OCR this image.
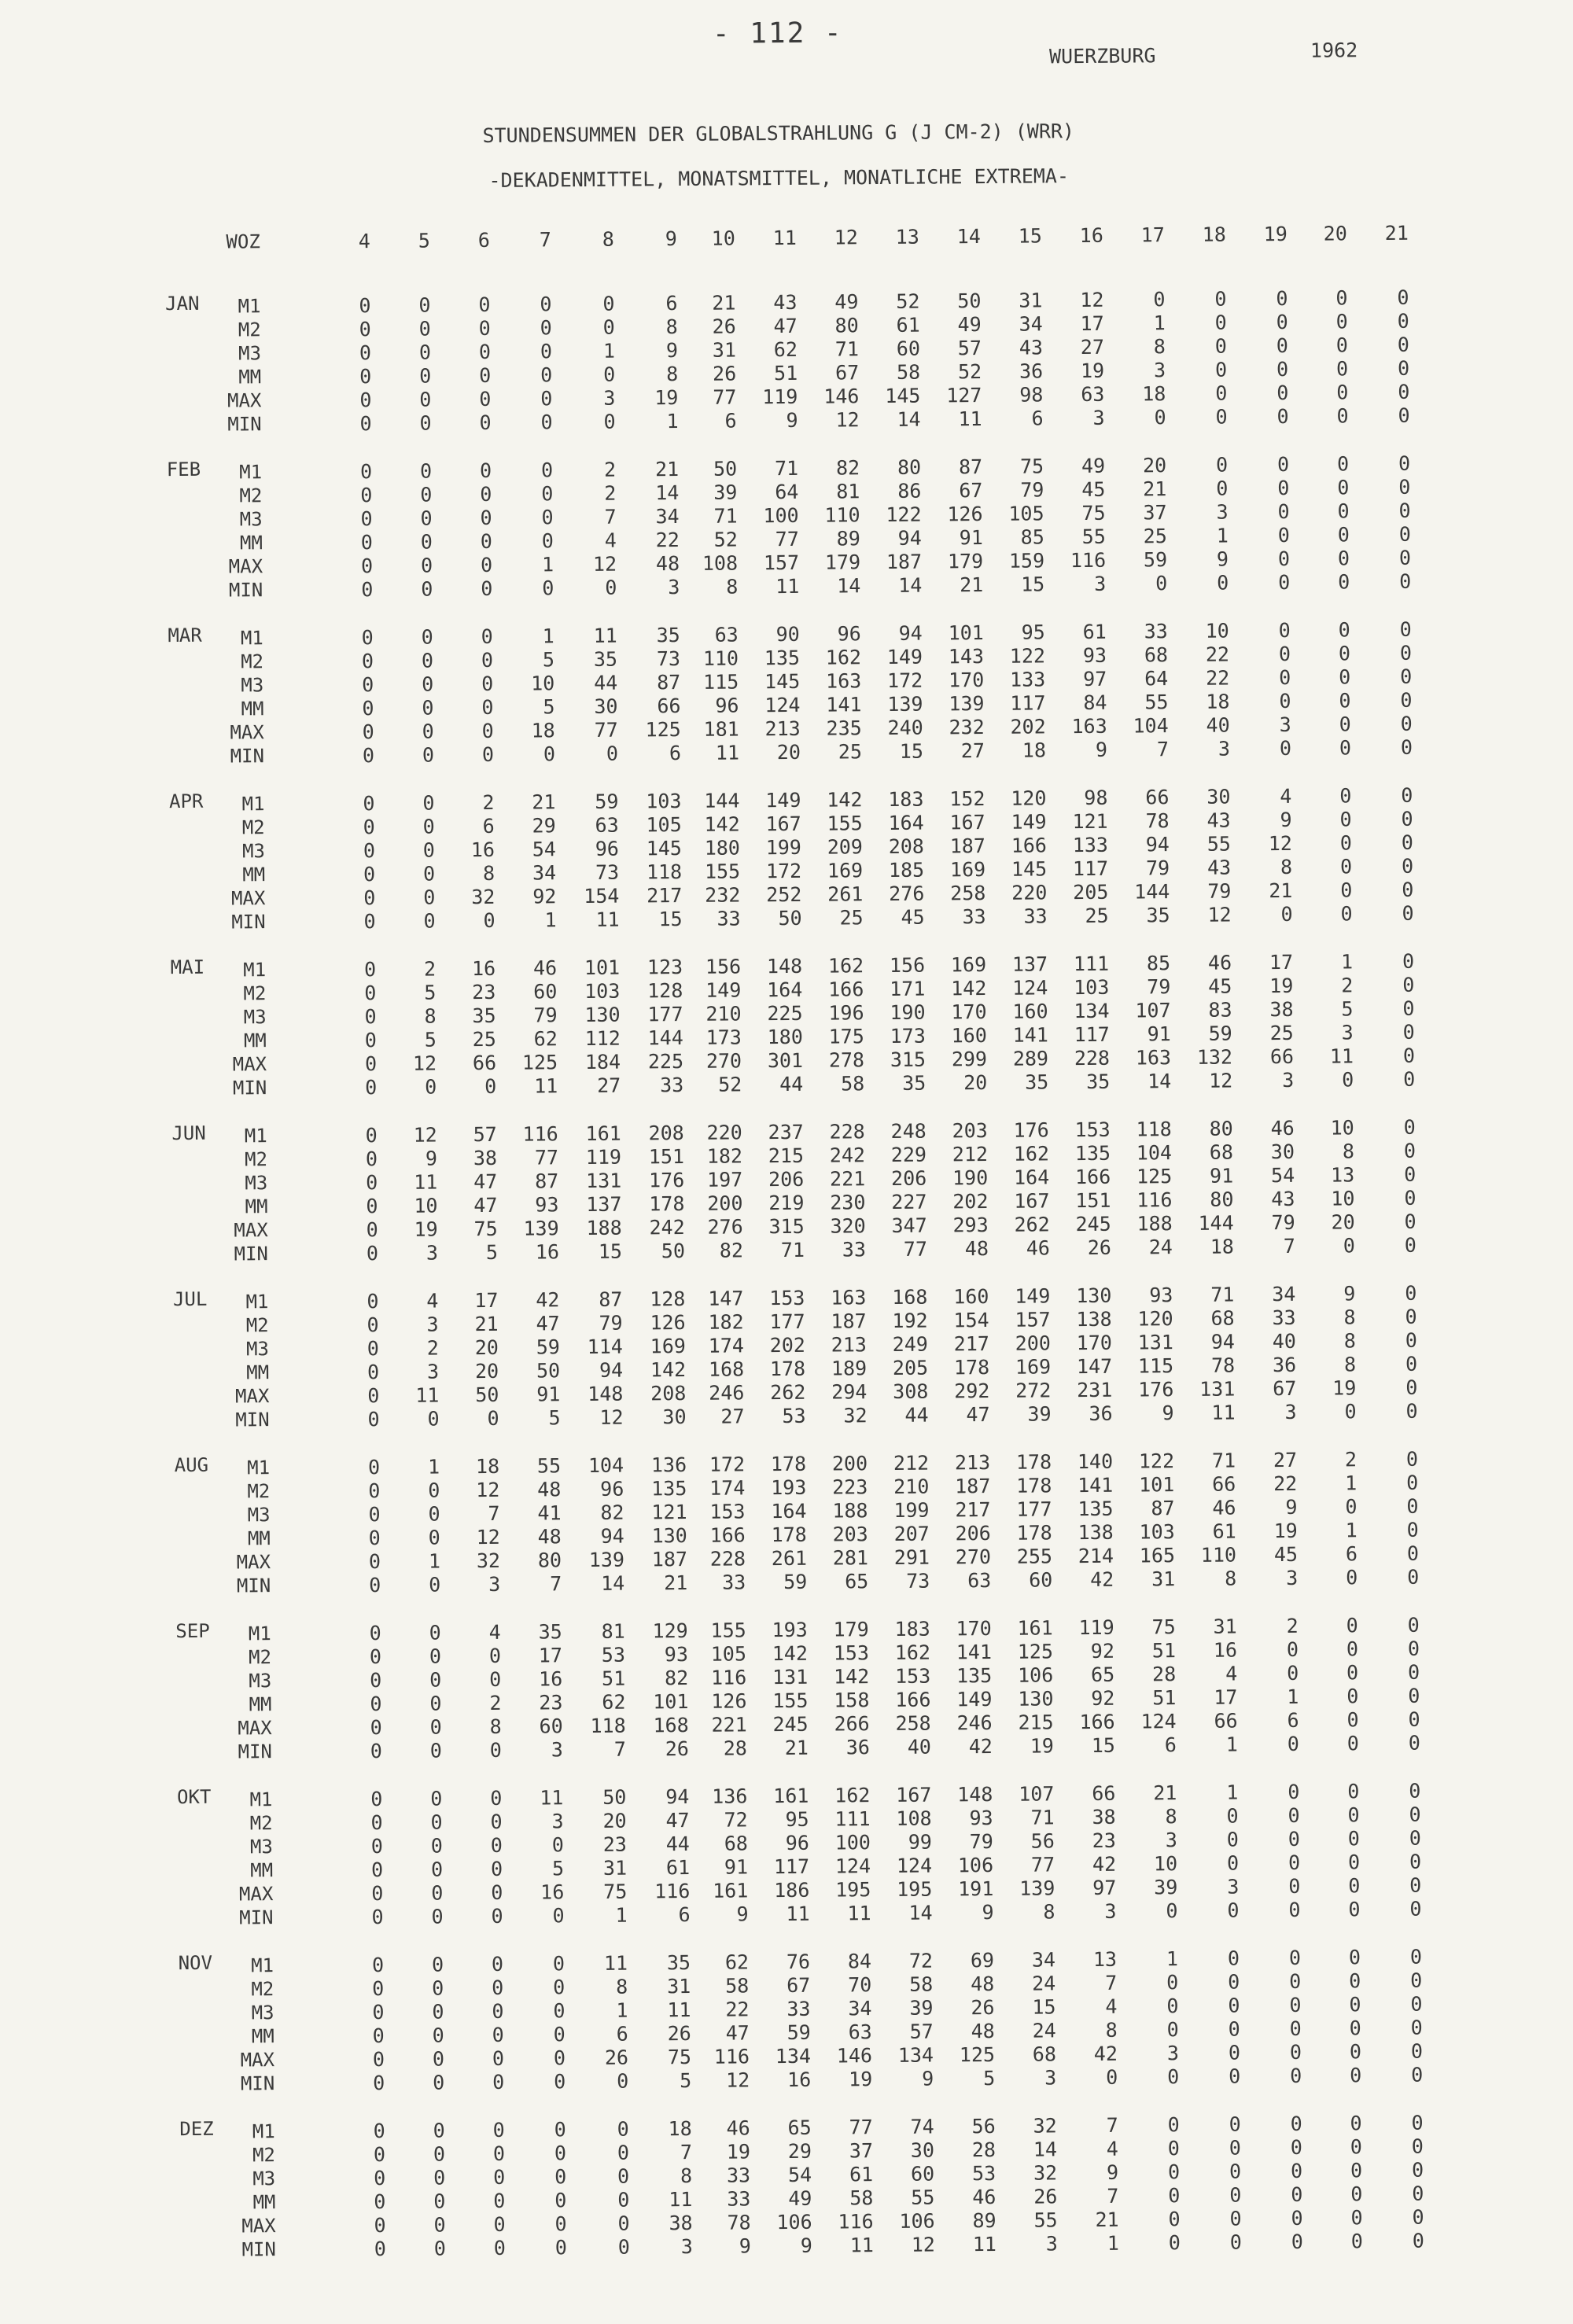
- 112 -
WUERZBURG	1962
STUNDENSUMMEN DER GLOBALSTRAHLUNG G (J CM-2) (WRR)
-DEKADENMITTEL, MONATSMITTEL, MONATLICHE EXTREMA-
WOZ	4	5	6	7	8	9	10	11	12	13	14	15	16	17	18	19	20	21
JAN	M1	0	0	0	0	0	6	21	43	49	52	50	31	12	0	0	0	0	0
M2	0	0	0	0	0	8	26	47	80	61	49	34	17	1	0	0	0	0
M3	0	0	0	0	1	9	31	62	71	60	57	43	27	8	0	0	0	0
MM	0	0	0	0	0	8	26	51	67	58	52	36	19	3	0	0	0	0
MAX	0	0	0	0	3	19	77	119	146	145	127	98	63	18	0	0	0	0
MIN	0	0	0	0	0	1	6	9	12	14	11	6	3	0	0	0	0	0
FEB	M1	0	0	0	0	2	21	50	71	82	80	87	75	49	20	0	0	0	0
M2	0	0	0	0	2	14	39	64	81	86	67	79	45	21	0	0	0	0
M3	0	0	0	0	7	34	71	100	110	122	126	105	75	37	3	0	0	0
MM	0	0	0	0	4	22	52	77	89	94	91	85	55	25	1	0	0	0
MAX	0	0	0	1	12	48	108	157	179	187	179	159	116	59	9	0	0	0
MIN	0	0	0	0	0	3	8	11	14	14	21	15	3	0	0	0	0	0
MAR	M1	0	0	0	1	11	35	63	90	96	94	101	95	61	33	10	0	0	0
M2	0	0	0	5	35	73	110	135	162	149	143	122	93	68	22	0	0	0
M3	0	0	0	10	44	87	115	145	163	172	170	133	97	64	22	0	0	0
MM	0	0	0	5	30	66	96	124	141	139	139	117	84	55	18	0	0	0
MAX	0	0	0	18	77	125	181	213	235	240	232	202	163	104	40	3	0	0
MIN	0	0	0	0	0	6	11	20	25	15	27	18	9	7	3	0	0	0
APR	M1	0	0	2	21	59	103	144	149	142	183	152	120	98	66	30	4	0	0
M2	0	0	6	29	63	105	142	167	155	164	167	149	121	78	43	9	0	0
M3	0	0	16	54	96	145	180	199	209	208	187	166	133	94	55	12	0	0
MM	0	0	8	34	73	118	155	172	169	185	169	145	117	79	43	8	0	0
MAX	0	0	32	92	154	217	232	252	261	276	258	220	205	144	79	21	0	0
MIN	0	0	0	1	11	15	33	50	25	45	33	33	25	35	12	0	0	0
MAI	M1	0	2	16	46	101	123	156	148	162	156	169	137	111	85	46	17	1	0
M2	0	5	23	60	103	128	149	164	166	171	142	124	103	79	45	19	2	0
M3	0	8	35	79	130	177	210	225	196	190	170	160	134	107	83	38	5	0
MM	0	5	25	62	112	144	173	180	175	173	160	141	117	91	59	25	3	0
MAX	0	12	66	125	184	225	270	301	278	315	299	289	228	163	132	66	11	0
MIN	0	0	0	11	27	33	52	44	58	35	20	35	35	14	12	3	0	0
JUN	M1	0	12	57	116	161	208	220	237	228	248	203	176	153	118	80	46	10	0
M2	0	9	38	77	119	151	182	215	242	229	212	162	135	104	68	30	8	0
M3	0	11	47	87	131	176	197	206	221	206	190	164	166	125	91	54	13	0
MM	0	10	47	93	137	178	200	219	230	227	202	167	151	116	80	43	10	0
MAX	0	19	75	139	188	242	276	315	320	347	293	262	245	188	144	79	20	0
MIN	0	3	5	16	15	50	82	71	33	77	48	46	26	24	18	7	0	0
JUL	M1	0	4	17	42	87	128	147	153	163	168	160	149	130	93	71	34	9	0
M2	0	3	21	47	79	126	182	177	187	192	154	157	138	120	68	33	8	0
M3	0	2	20	59	114	169	174	202	213	249	217	200	170	131	94	40	8	0
MM	0	3	20	50	94	142	168	178	189	205	178	169	147	115	78	36	8	0
MAX	0	11	50	91	148	208	246	262	294	308	292	272	231	176	131	67	19	0
MIN	0	0	0	5	12	30	27	53	32	44	47	39	36	9	11	3	0	0
AUG	M1	0	1	18	55	104	136	172	178	200	212	213	178	140	122	71	27	2	0
M2	0	0	12	48	96	135	174	193	223	210	187	178	141	101	66	22	1	0
M3	0	0	7	41	82	121	153	164	188	199	217	177	135	87	46	9	0	0
MM	0	0	12	48	94	130	166	178	203	207	206	178	138	103	61	19	1	0
MAX	0	1	32	80	139	187	228	261	281	291	270	255	214	165	110	45	6	0
MIN	0	0	3	7	14	21	33	59	65	73	63	60	42	31	8	3	0	0
SEP	M1	0	0	4	35	81	129	155	193	179	183	170	161	119	75	31	2	0	0
M2	0	0	0	17	53	93	105	142	153	162	141	125	92	51	16	0	0	0
M3	0	0	0	16	51	82	116	131	142	153	135	106	65	28	4	0	0	0
MM	0	0	2	23	62	101	126	155	158	166	149	130	92	51	17	1	0	0
MAX	0	0	8	60	118	168	221	245	266	258	246	215	166	124	66	6	0	0
MIN	0	0	0	3	7	26	28	21	36	40	42	19	15	6	1	0	0	0
OKT	M1	0	0	0	11	50	94	136	161	162	167	148	107	66	21	1	0	0	0
M2	0	0	0	3	20	47	72	95	111	108	93	71	38	8	0	0	0	0
M3	0	0	0	0	23	44	68	96	100	99	79	56	23	3	0	0	0	0
MM	0	0	0	5	31	61	91	117	124	124	106	77	42	10	0	0	0	0
MAX	0	0	0	16	75	116	161	186	195	195	191	139	97	39	3	0	0	0
MIN	0	0	0	0	1	6	9	11	11	14	9	8	3	0	0	0	0	0
NOV	M1	0	0	0	0	11	35	62	76	84	72	69	34	13	1	0	0	0	0
M2	0	0	0	0	8	31	58	67	70	58	48	24	7	0	0	0	0	0
M3	0	0	0	0	1	11	22	33	34	39	26	15	4	0	0	0	0	0
MM	0	0	0	0	6	26	47	59	63	57	48	24	8	0	0	0	0	0
MAX	0	0	0	0	26	75	116	134	146	134	125	68	42	3	0	0	0	0
MIN	0	0	0	0	0	5	12	16	19	9	5	3	0	0	0	0	0	0
DEZ	M1	0	0	0	0	0	18	46	65	77	74	56	32	7	0	0	0	0	0
M2	0	0	0	0	0	7	19	29	37	30	28	14	4	0	0	0	0	0
M3	0	0	0	0	0	8	33	54	61	60	53	32	9	0	0	0	0	0
MM	0	0	0	0	0	11	33	49	58	55	46	26	7	0	0	0	0	0
MAX	0	0	0	0	0	38	78	106	116	106	89	55	21	0	0	0	0	0
MIN	0	0	0	0	0	3	9	9	11	12	11	3	1	0	0	0	0	0
